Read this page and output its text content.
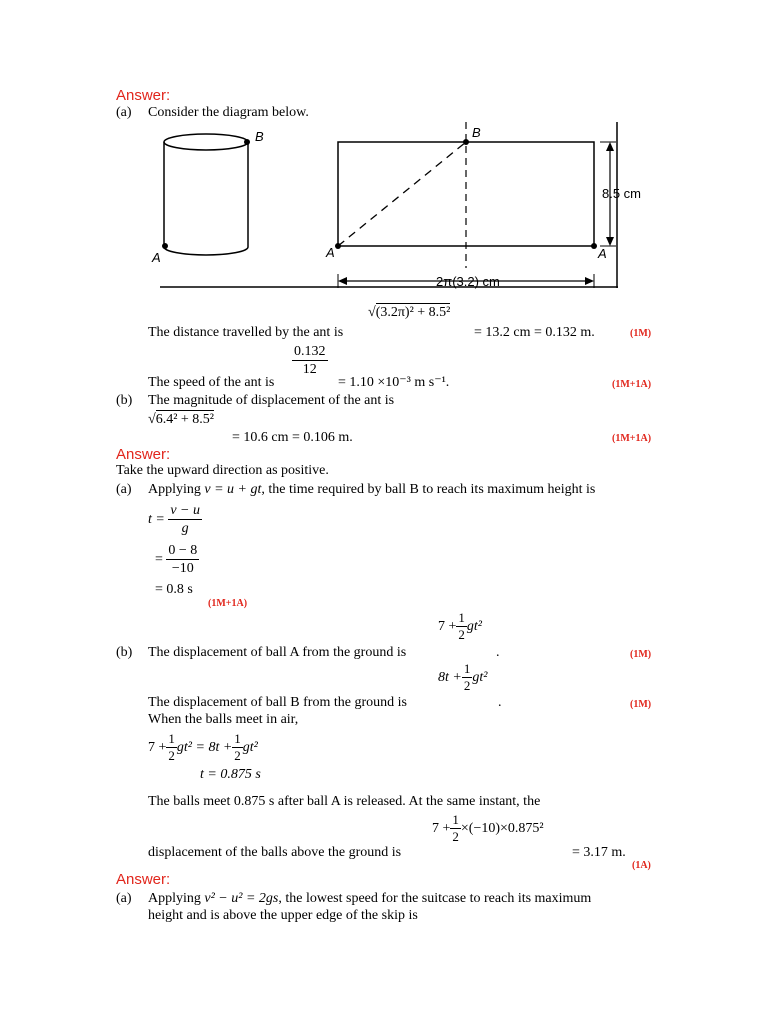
Answer:
(a) Consider the diagram below.
B
A
B
A	A
8.5 cm
2π(3.2) cm
√(3.2π)² + 8.5²
The distance travelled by the ant is	= 13.2 cm = 0.132 m.	(1M)
$\frac{0.132}{12}$
The speed of the ant is	= 1.10 ×10⁻³ m s⁻¹.	(1M+1A)
(b) The magnitude of displacement of the ant is
√6.4² + 8.5²
= 10.6 cm = 0.106 m.	(1M+1A)
Answer:
Take the upward direction as positive.
(a) Applying v = u + gt, the time required by ball B to reach its maximum height is
$t = \frac{v - u}{g}$
= $\frac{0 - 8}{-10}$
= 0.8 s
(1M+1A)
$7 + \frac{1}{2} gt^2$
(b) The displacement of ball A from the ground is	.	(1M)
$8t + \frac{1}{2} gt^2$
The displacement of ball B from the ground is	.	(1M)
When the balls meet in air,
$7 + \frac{1}{2} gt^2 = 8t + \frac{1}{2} gt^2$
t = 0.875 s
The balls meet 0.875 s after ball A is released. At the same instant, the
$7 + \frac{1}{2} \times(-10)\times 0.875^2$
displacement of the balls above the ground is	= 3.17 m.
(1A)
Answer:
(a) Applying v² − u² = 2gs, the lowest speed for the suitcase to reach its maximum
height and is above the upper edge of the skip is
